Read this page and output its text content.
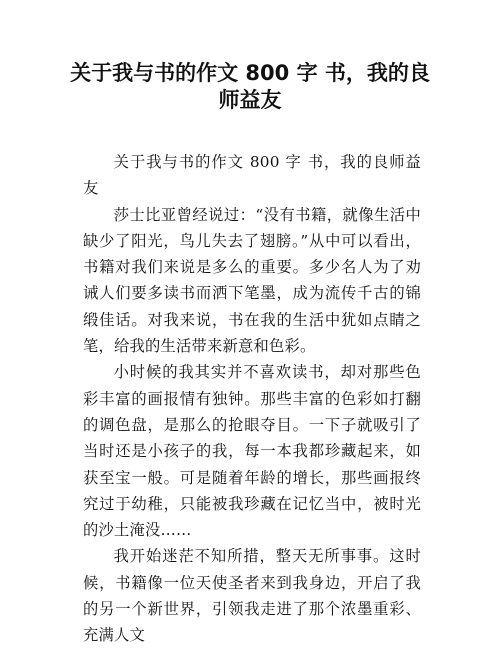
关于我与书的作文 800 字 书，我的良师益友

关于我与书的作文 800 字 书，我的良师益友

莎士比亚曾经说过：“没有书籍，就像生活中缺少了阳光，鸟儿失去了翅膀。”从中可以看出，书籍对我们来说是多么的重要。多少名人为了劝诫人们要多读书而洒下笔墨，成为流传千古的锦缎佳话。对我来说，书在我的生活中犹如点睛之笔，给我的生活带来新意和色彩。

小时候的我其实并不喜欢读书，却对那些色彩丰富的画报情有独钟。那些丰富的色彩如打翻的调色盘，是那么的抢眼夺目。一下子就吸引了当时还是小孩子的我，每一本我都珍藏起来，如获至宝一般。可是随着年龄的增长，那些画报终究过于幼稚，只能被我珍藏在记忆当中，被时光的沙土淹没……

我开始迷茫不知所措，整天无所事事。这时候，书籍像一位天使圣者来到我身边，开启了我的另一个新世界，引领我走进了那个浓墨重彩、充满人文
